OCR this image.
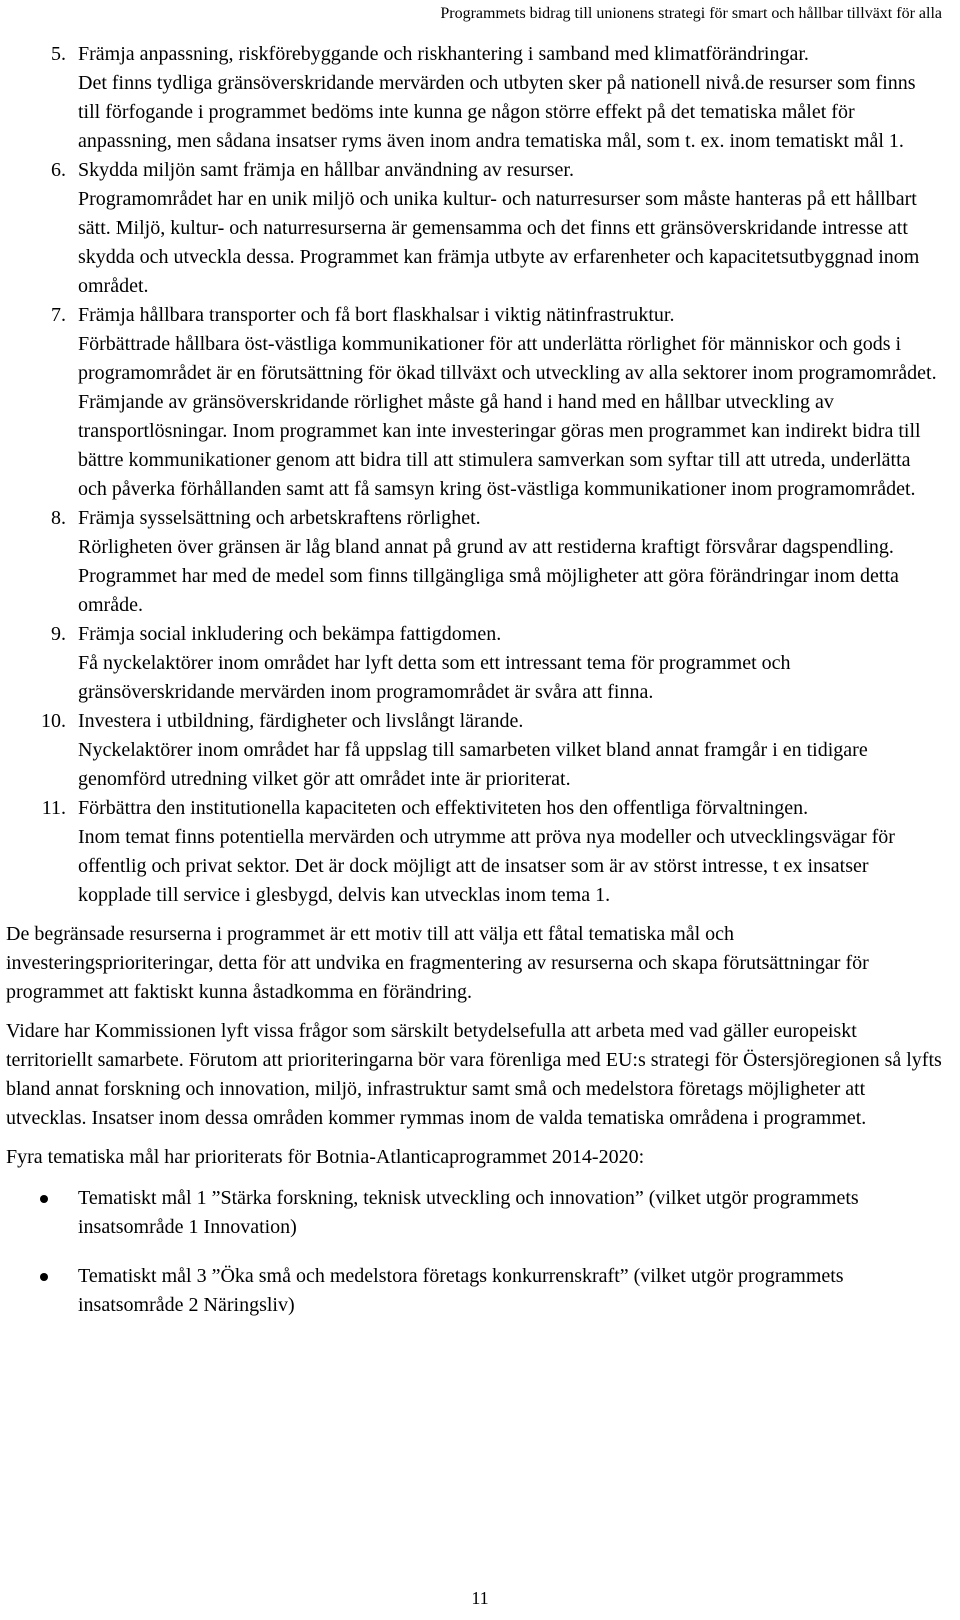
Programmets bidrag till unionens strategi för smart och hållbar tillväxt för alla
5. Främja anpassning, riskförebyggande och riskhantering i samband med klimatförändringar.

Det finns tydliga gränsöverskridande mervärden och utbyten sker på nationell nivå.de resurser som finns till förfogande i programmet bedöms inte kunna ge någon större effekt på det tematiska målet för anpassning, men sådana insatser ryms även inom andra tematiska mål, som t. ex. inom tematiskt mål 1.

6. Skydda miljön samt främja en hållbar användning av resurser.

Programområdet har en unik miljö och unika kultur- och naturresurser som måste hanteras på ett hållbart sätt. Miljö, kultur- och naturresurserna är gemensamma och det finns ett gränsöverskridande intresse att skydda och utveckla dessa. Programmet kan främja utbyte av erfarenheter och kapacitetsutbyggnad inom området.

7. Främja hållbara transporter och få bort flaskhalsar i viktig nätinfrastruktur.

Förbättrade hållbara öst-västliga kommunikationer för att underlätta rörlighet för människor och gods i programområdet är en förutsättning för ökad tillväxt och utveckling av alla sektorer inom programområdet. Främjande av gränsöverskridande rörlighet måste gå hand i hand med en hållbar utveckling av transportlösningar. Inom programmet kan inte investeringar göras men programmet kan indirekt bidra till bättre kommunikationer genom att bidra till att stimulera samverkan som syftar till att utreda, underlätta och påverka förhållanden samt att få samsyn kring öst-västliga kommunikationer inom programområdet.

8. Främja sysselsättning och arbetskraftens rörlighet.

Rörligheten över gränsen är låg bland annat på grund av att restiderna kraftigt försvårar dagspendling. Programmet har med de medel som finns tillgängliga små möjligheter att göra förändringar inom detta område.

9. Främja social inkludering och bekämpa fattigdomen.

Få nyckelaktörer inom området har lyft detta som ett intressant tema för programmet och gränsöverskridande mervärden inom programområdet är svåra att finna.

10. Investera i utbildning, färdigheter och livslångt lärande.

Nyckelaktörer inom området har få uppslag till samarbeten vilket bland annat framgår i en tidigare genomförd utredning vilket gör att området inte är prioriterat.

11. Förbättra den institutionella kapaciteten och effektiviteten hos den offentliga förvaltningen.

Inom temat finns potentiella mervärden och utrymme att pröva nya modeller och utvecklingsvägar för offentlig och privat sektor. Det är dock möjligt att de insatser som är av störst intresse, t ex insatser kopplade till service i glesbygd, delvis kan utvecklas inom tema 1.

De begränsade resurserna i programmet är ett motiv till att välja ett fåtal tematiska mål och investeringsprioriteringar, detta för att undvika en fragmentering av resurserna och skapa förutsättningar för programmet att faktiskt kunna åstadkomma en förändring.

Vidare har Kommissionen lyft vissa frågor som särskilt betydelsefulla att arbeta med vad gäller europeiskt territoriellt samarbete. Förutom att prioriteringarna bör vara förenliga med EU:s strategi för Östersjöregionen så lyfts bland annat forskning och innovation, miljö, infrastruktur samt små och medelstora företags möjligheter att utvecklas. Insatser inom dessa områden kommer rymmas inom de valda tematiska områdena i programmet.

Fyra tematiska mål har prioriterats för Botnia-Atlanticaprogrammet 2014-2020:

Tematiskt mål 1 ”Stärka forskning, teknisk utveckling och innovation” (vilket utgör programmets insatsområde 1 Innovation)
Tematiskt mål 3 ”Öka små och medelstora företags konkurrenskraft” (vilket utgör programmets insatsområde 2 Näringsliv)
11
